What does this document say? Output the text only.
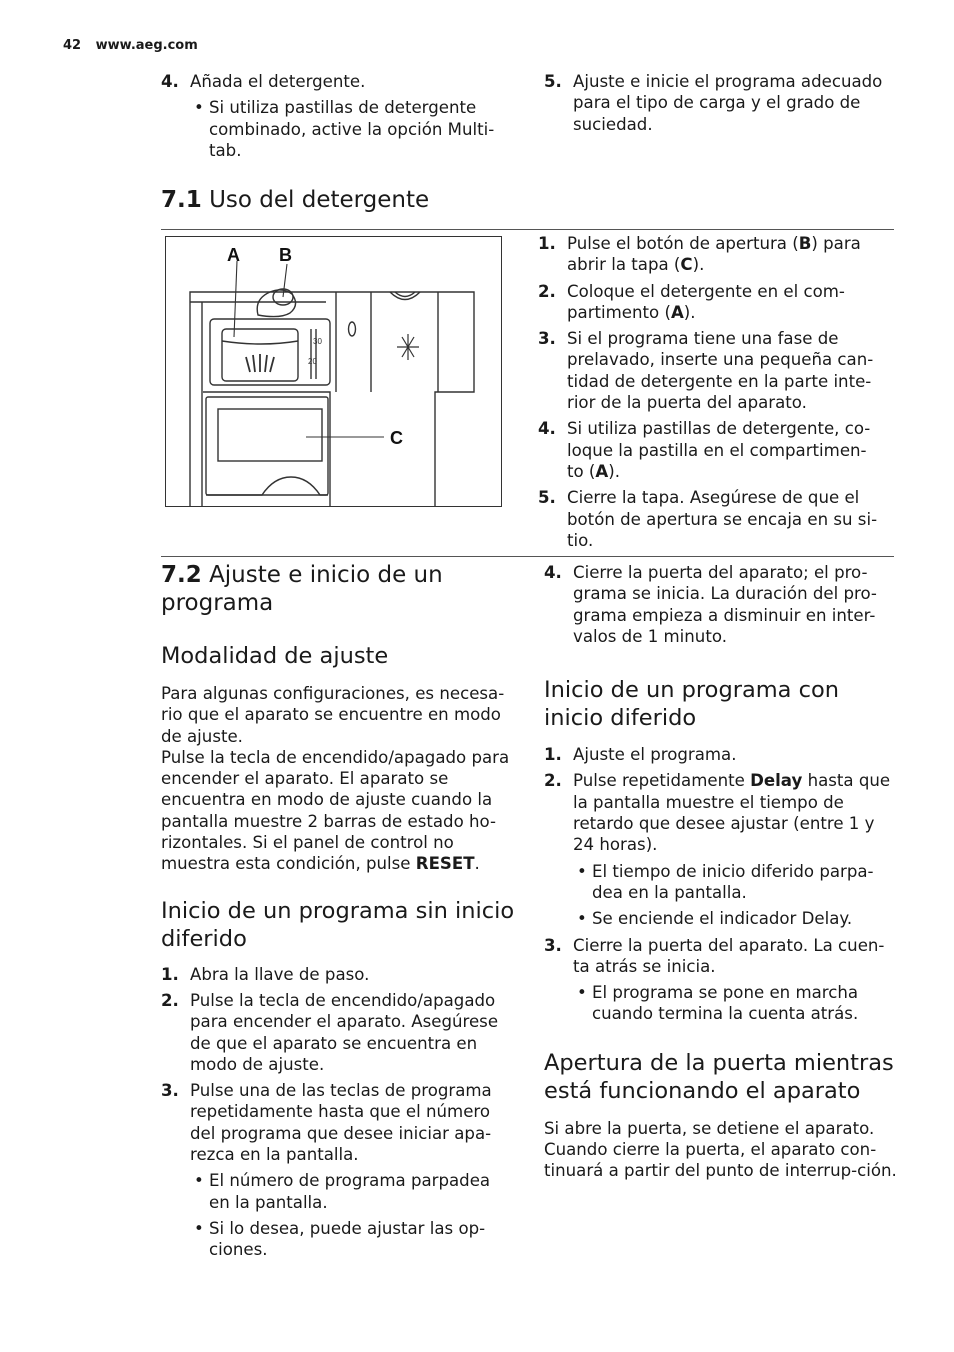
42 www.aeg.com
4. Añada el detergente.
• Si utiliza pastillas de detergente combinado, active la opción Multi-tab.
5. Ajuste e inicie el programa adecuado para el tipo de carga y el grado de suciedad.
7.1 Uso del detergente
A B
C
30
20
1. Pulse el botón de apertura (B) para abrir la tapa (C).
2. Coloque el detergente en el com-partimento (A).
3. Si el programa tiene una fase de prelavado, inserte una pequeña can-tidad de detergente en la parte inte-rior de la puerta del aparato.
4. Si utiliza pastillas de detergente, co-loque la pastilla en el compartimen-to (A).
5. Cierre la tapa. Asegúrese de que el botón de apertura se encaja en su si-tio.
7.2 Ajuste e inicio de un programa
Modalidad de ajuste

Para algunas configuraciones, es necesa-rio que el aparato se encuentre en modo de ajuste.

Pulse la tecla de encendido/apagado para encender el aparato. El aparato se encuentra en modo de ajuste cuando la pantalla muestre 2 barras de estado ho-rizontales. Si el panel de control no muestra esta condición, pulse RESET.

Inicio de un programa sin inicio diferido
1. Abra la llave de paso.
2. Pulse la tecla de encendido/apagado para encender el aparato. Asegúrese de que el aparato se encuentra en modo de ajuste.
3. Pulse una de las teclas de programa repetidamente hasta que el número del programa que desee iniciar apa-rezca en la pantalla.
• El número de programa parpadea en la pantalla.
• Si lo desea, puede ajustar las op-ciones.
4. Cierre la puerta del aparato; el pro-grama se inicia. La duración del pro-grama empieza a disminuir en inter-valos de 1 minuto.
Inicio de un programa con inicio diferido
1. Ajuste el programa.
2. Pulse repetidamente Delay hasta que la pantalla muestre el tiempo de retardo que desee ajustar (entre 1 y 24 horas).
• El tiempo de inicio diferido parpa-dea en la pantalla.
• Se enciende el indicador Delay.
3. Cierre la puerta del aparato. La cuen-ta atrás se inicia.
• El programa se pone en marcha cuando termina la cuenta atrás.
Apertura de la puerta mientras está funcionando el aparato

Si abre la puerta, se detiene el aparato. Cuando cierre la puerta, el aparato con-tinuará a partir del punto de interrup-ción.
